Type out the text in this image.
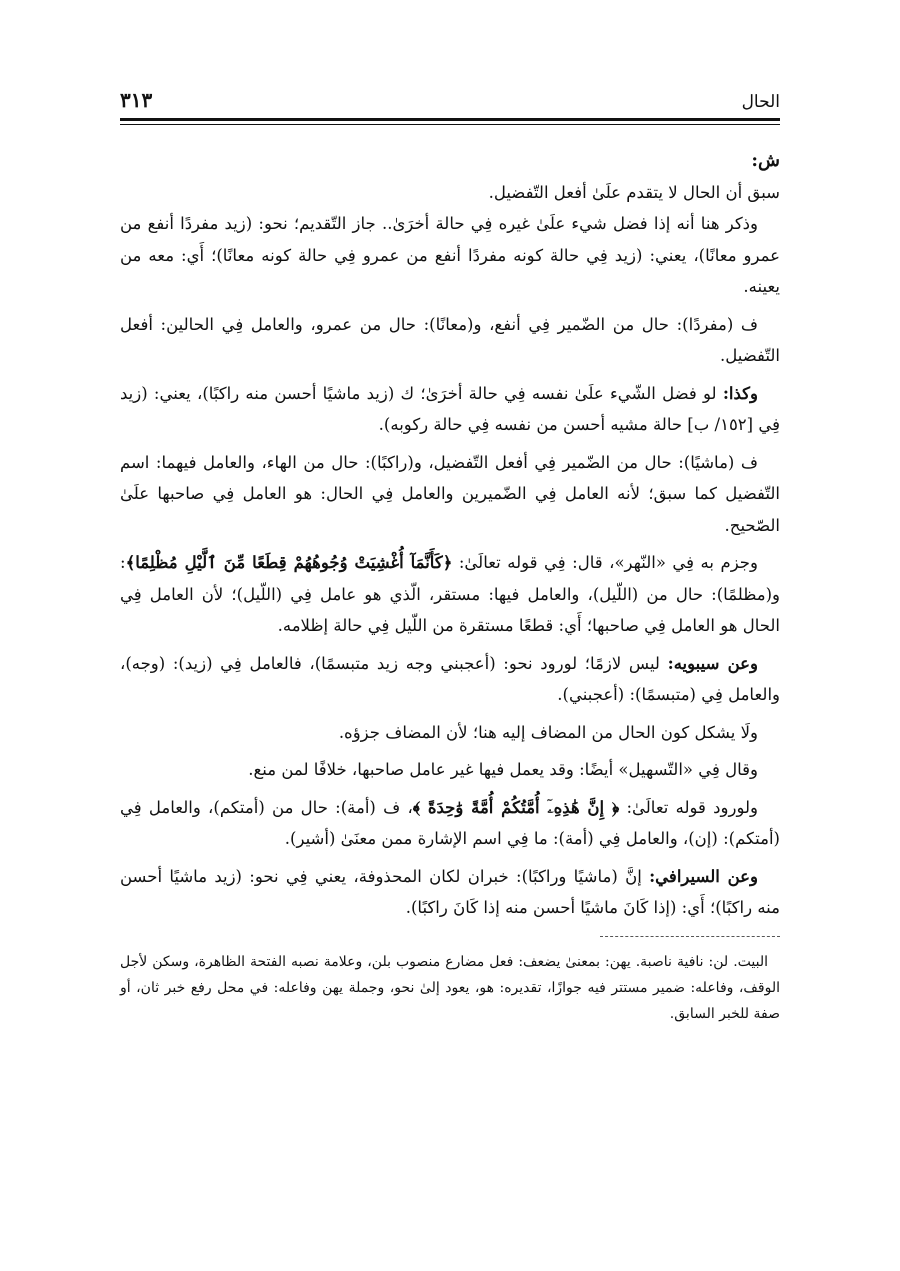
الحال
٣١٣

ش:

سبق أن الحال لا يتقدم علَىٰ أفعل التّفضيل.

وذكر هنا أنه إذا فضل شيء علَىٰ غيره فِي حالة أخرَىٰ.. جاز التّقديم؛ نحو: (زيد مفردًا أنفع من عمرو معانًا)، يعني: (زيد فِي حالة كونه مفردًا أنفع من عمرو فِي حالة كونه معانًا)؛ أَي: معه من يعينه.

ف (مفردًا): حال من الضّمير فِي أنفع، و(معانًا): حال من عمرو، والعامل فِي الحالين: أفعل التّفضيل.

وكذا: لو فضل الشّيء علَىٰ نفسه فِي حالة أخرَىٰ؛ ك (زيد ماشيًا أحسن منه راكبًا)، يعني: (زيد فِي [١٥٢/ ب] حالة مشيه أحسن من نفسه فِي حالة ركوبه).

ف (ماشيًا): حال من الضّمير فِي أفعل التّفضيل، و(راكبًا): حال من الهاء، والعامل فيهما: اسم التّفضيل كما سبق؛ لأنه العامل فِي الضّميرين والعامل فِي الحال: هو العامل فِي صاحبها علَىٰ الصّحيح.

وجزم به فِي «النّهر»، قال: فِي قوله تعالَىٰ: ﴿كَأَنَّمَآ أُغْشِيَتْ وُجُوهُهُمْ قِطَعًا مِّنَ ٱلَّيْلِ مُظْلِمًا﴾: و(مظلمًا): حال من (اللّيل)، والعامل فيها: مستقر، الّذي هو عامل فِي (اللّيل)؛ لأن العامل فِي الحال هو العامل فِي صاحبها؛ أَي: قطعًا مستقرة من اللّيل فِي حالة إظلامه.

وعن سيبويه: ليس لازمًا؛ لورود نحو: (أعجبني وجه زيد متبسمًا)، فالعامل فِي (زيد): (وجه)، والعامل فِي (متبسمًا): (أعجبني).

ولَا يشكل كون الحال من المضاف إليه هنا؛ لأن المضاف جزؤه.

وقال فِي «التّسهيل» أيضًا: وقد يعمل فيها غير عامل صاحبها، خلافًا لمن منع.

ولورود قوله تعالَىٰ: ﴿ إِنَّ هَٰذِهِۦٓ أُمَّتُكُمْ أُمَّةً وَٰحِدَةً ﴾، ف (أمة): حال من (أمتكم)، والعامل فِي (أمتكم): (إن)، والعامل فِي (أمة): ما فِي اسم الإشارة ممن معنَىٰ (أشير).

وعن السيرافي: إنَّ (ماشيًا وراكبًا): خبران لكان المحذوفة، يعني فِي نحو: (زيد ماشيًا أحسن منه راكبًا)؛ أَي: (إذا كَانَ ماشيًا أحسن منه إذا كَانَ راكبًا).

البيت. لن: نافية ناصبة. يهن: بمعنىٰ يضعف: فعل مضارع منصوب بلن، وعلامة نصبه الفتحة الظاهرة، وسكن لأجل الوقف، وفاعله: ضمير مستتر فيه جوازًا، تقديره: هو، يعود إلىٰ نحو، وجملة يهن وفاعله: في محل رفع خبر ثان، أو صفة للخبر السابق.
